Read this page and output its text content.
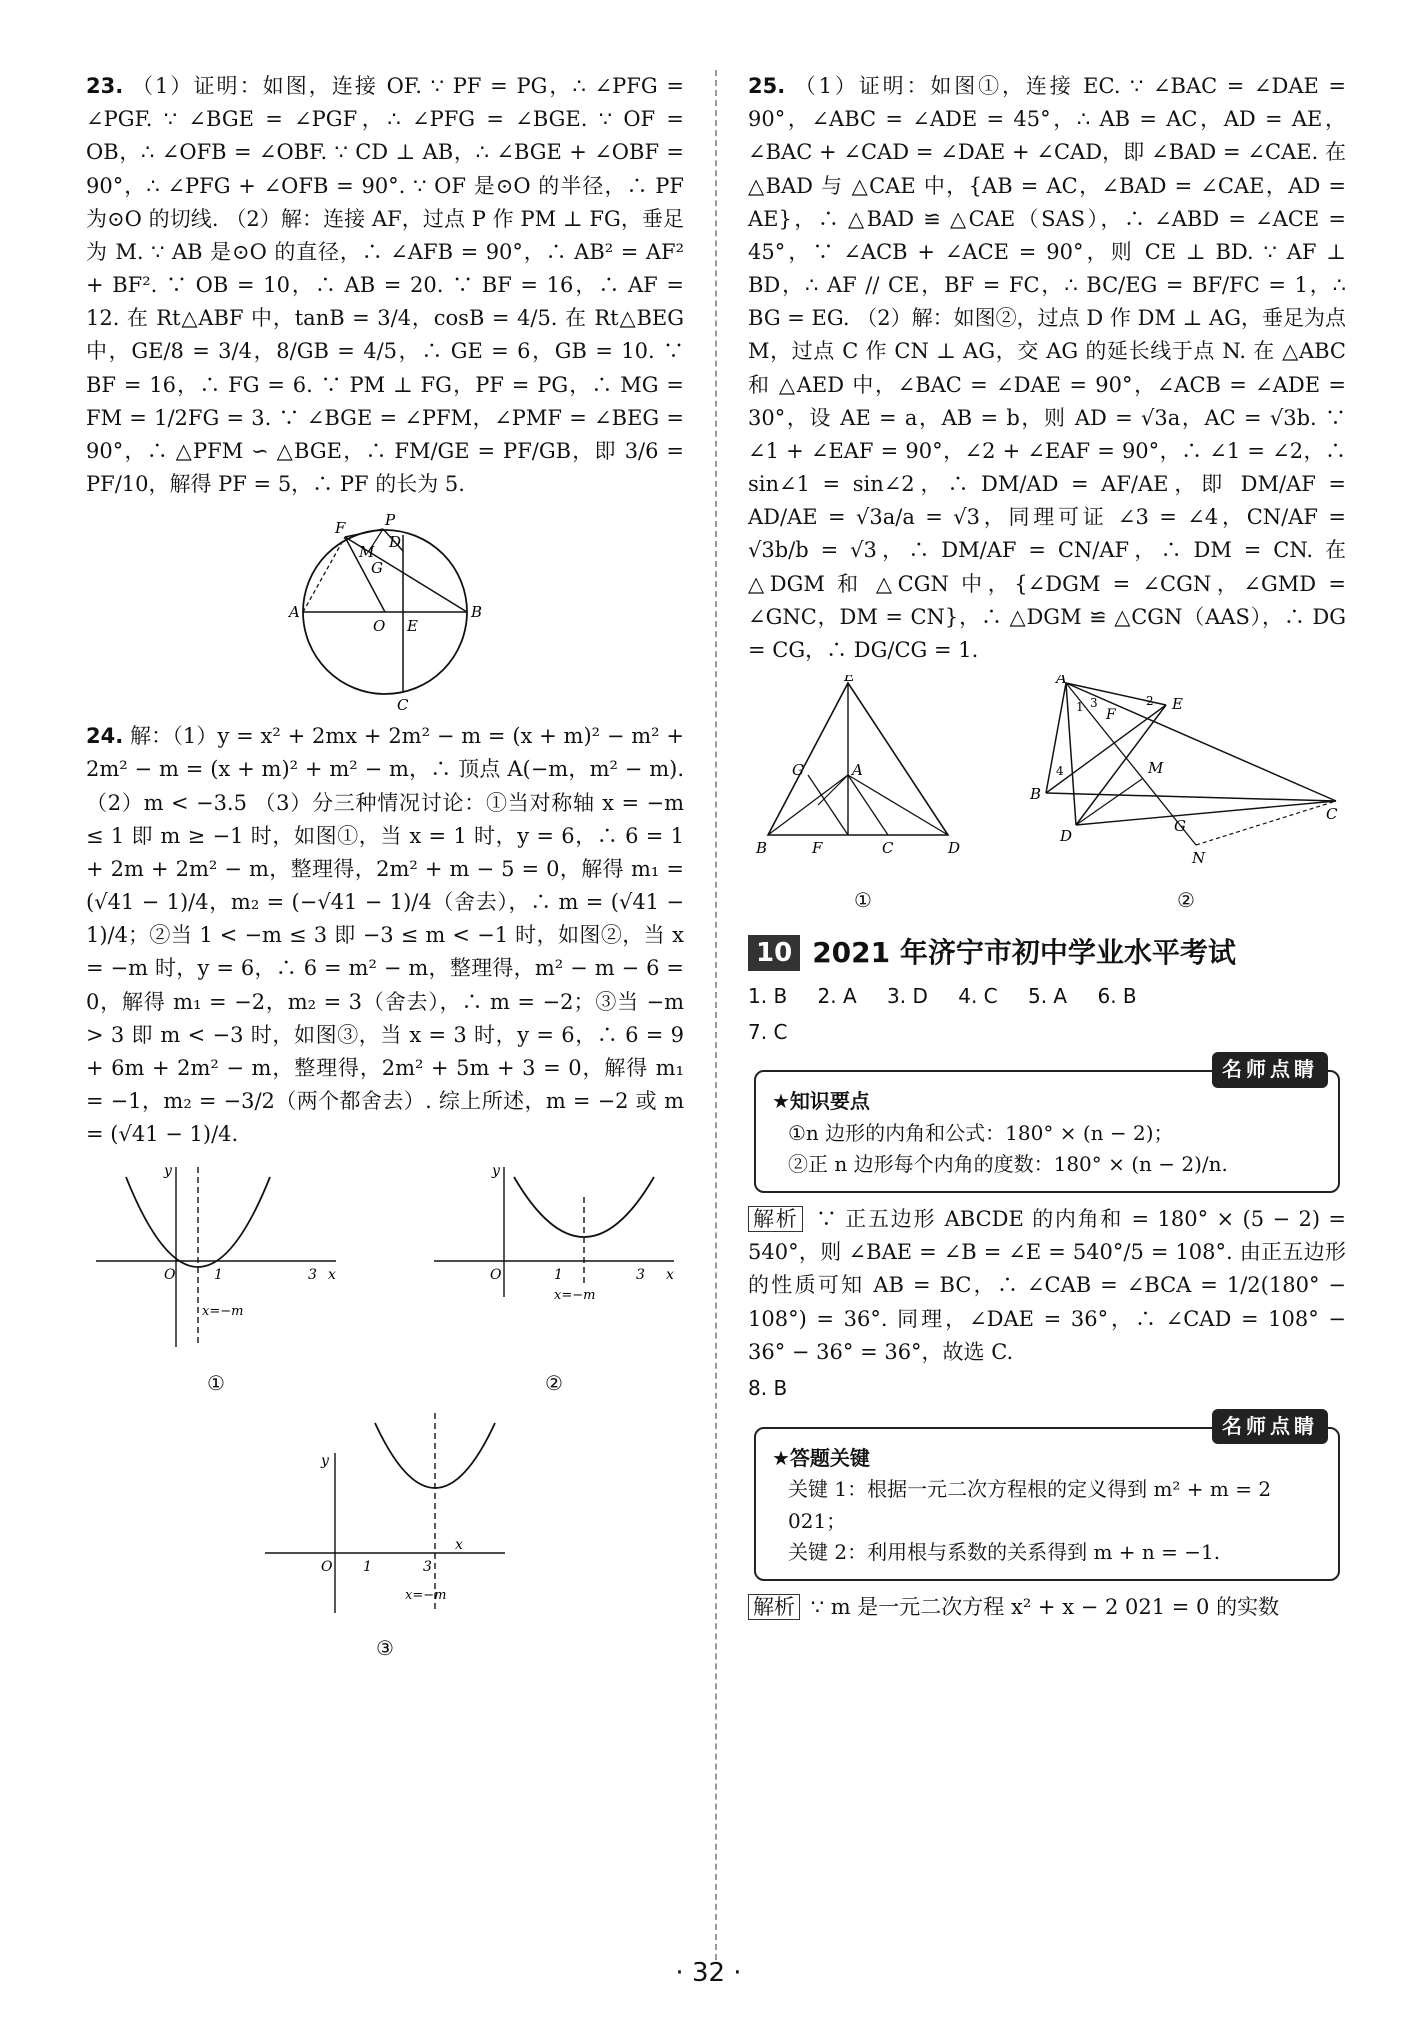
23. （1）证明：如图，连接 OF. ∵ PF = PG，∴ ∠PFG = ∠PGF. ∵ ∠BGE = ∠PGF，∴ ∠PFG = ∠BGE. ∵ OF = OB，∴ ∠OFB = ∠OBF. ∵ CD ⊥ AB，∴ ∠BGE + ∠OBF = 90°，∴ ∠PFG + ∠OFB = 90°. ∵ OF 是⊙O 的半径，∴ PF 为⊙O 的切线. （2）解：连接 AF，过点 P 作 PM ⊥ FG，垂足为 M. ∵ AB 是⊙O 的直径，∴ ∠AFB = 90°，∴ AB² = AF² + BF². ∵ OB = 10，∴ AB = 20. ∵ BF = 16，∴ AF = 12. 在 Rt△ABF 中，tanB = 3/4，cosB = 4/5. 在 Rt△BEG 中，GE/8 = 3/4，8/GB = 4/5，∴ GE = 6，GB = 10. ∵ BF = 16，∴ FG = 6. ∵ PM ⊥ FG，PF = PG，∴ MG = FM = 1/2FG = 3. ∵ ∠BGE = ∠PFM，∠PMF = ∠BEG = 90°，∴ △PFM ∽ △BGE，∴ FM/GE = PF/GB，即 3/6 = PF/10，解得 PF = 5，∴ PF 的长为 5.

F	P
D
M
G
A
O E
B
C

24. 解：（1）y = x² + 2mx + 2m² − m = (x + m)² − m² + 2m² − m = (x + m)² + m² − m，∴ 顶点 A(−m，m² − m). （2）m < −3.5 （3）分三种情况讨论：①当对称轴 x = −m ≤ 1 即 m ≥ −1 时，如图①，当 x = 1 时，y = 6，∴ 6 = 1 + 2m + 2m² − m，整理得，2m² + m − 5 = 0，解得 m₁ = (√41 − 1)/4，m₂ = (−√41 − 1)/4（舍去），∴ m = (√41 − 1)/4；②当 1 < −m ≤ 3 即 −3 ≤ m < −1 时，如图②，当 x = −m 时，y = 6，∴ 6 = m² − m，整理得，m² − m − 6 = 0，解得 m₁ = −2，m₂ = 3（舍去），∴ m = −2；③当 −m > 3 即 m < −3 时，如图③，当 x = 3 时，y = 6，∴ 6 = 9 + 6m + 2m² − m，整理得，2m² + 5m + 3 = 0，解得 m₁ = −1，m₂ = −3/2（两个都舍去）. 综上所述，m = −2 或 m = (√41 − 1)/4.

y
x
O	1	3
x=−m
①
y
x
O	1	3
x=−m
②
y
x
O 1	3
x=−m
③

25. （1）证明：如图①，连接 EC. ∵ ∠BAC = ∠DAE = 90°，∠ABC = ∠ADE = 45°，∴ AB = AC，AD = AE，∠BAC + ∠CAD = ∠DAE + ∠CAD，即 ∠BAD = ∠CAE. 在 △BAD 与 △CAE 中，{AB = AC，∠BAD = ∠CAE，AD = AE}，∴ △BAD ≌ △CAE（SAS），∴ ∠ABD = ∠ACE = 45°，∵ ∠ACB + ∠ACE = 90°，则 CE ⊥ BD. ∵ AF ⊥ BD，∴ AF // CE，BF = FC，∴ BC/EG = BF/FC = 1，∴ BG = EG. （2）解：如图②，过点 D 作 DM ⊥ AG，垂足为点 M，过点 C 作 CN ⊥ AG，交 AG 的延长线于点 N. 在 △ABC 和 △AED 中，∠BAC = ∠DAE = 90°，∠ACB = ∠ADE = 30°，设 AE = a，AB = b，则 AD = √3a，AC = √3b. ∵ ∠1 + ∠EAF = 90°，∠2 + ∠EAF = 90°，∴ ∠1 = ∠2，∴ sin∠1 = sin∠2，∴ DM/AD = AF/AE，即 DM/AF = AD/AE = √3a/a = √3，同理可证 ∠3 = ∠4，CN/AF = √3b/b = √3，∴ DM/AF = CN/AF，∴ DM = CN. 在 △DGM 和 △CGN 中，{∠DGM = ∠CGN，∠GMD = ∠GNC，DM = CN}，∴ △DGM ≌ △CGN（AAS），∴ DG = CG，∴ DG/CG = 1.

E
G	A
B	F	C	D
①
A
E
F
M
B
D
G
N
C
1	2
3
4
②
10 2021 年济宁市初中学业水平考试
1. B 2. A 3. D 4. C 5. A 6. B
7. C
名师点睛
★知识要点
①n 边形的内角和公式：180° × (n − 2)；
②正 n 边形每个内角的度数：180° × (n − 2)/n.

解析 ∵ 正五边形 ABCDE 的内角和 = 180° × (5 − 2) = 540°，则 ∠BAE = ∠B = ∠E = 540°/5 = 108°. 由正五边形的性质可知 AB = BC，∴ ∠CAB = ∠BCA = 1/2(180° − 108°) = 36°. 同理，∠DAE = 36°，∴ ∠CAD = 108° − 36° − 36° = 36°，故选 C.

8. B
名师点睛
★答题关键
关键 1：根据一元二次方程根的定义得到 m² + m = 2 021；
关键 2：利用根与系数的关系得到 m + n = −1.

解析 ∵ m 是一元二次方程 x² + x − 2 021 = 0 的实数

· 32 ·
